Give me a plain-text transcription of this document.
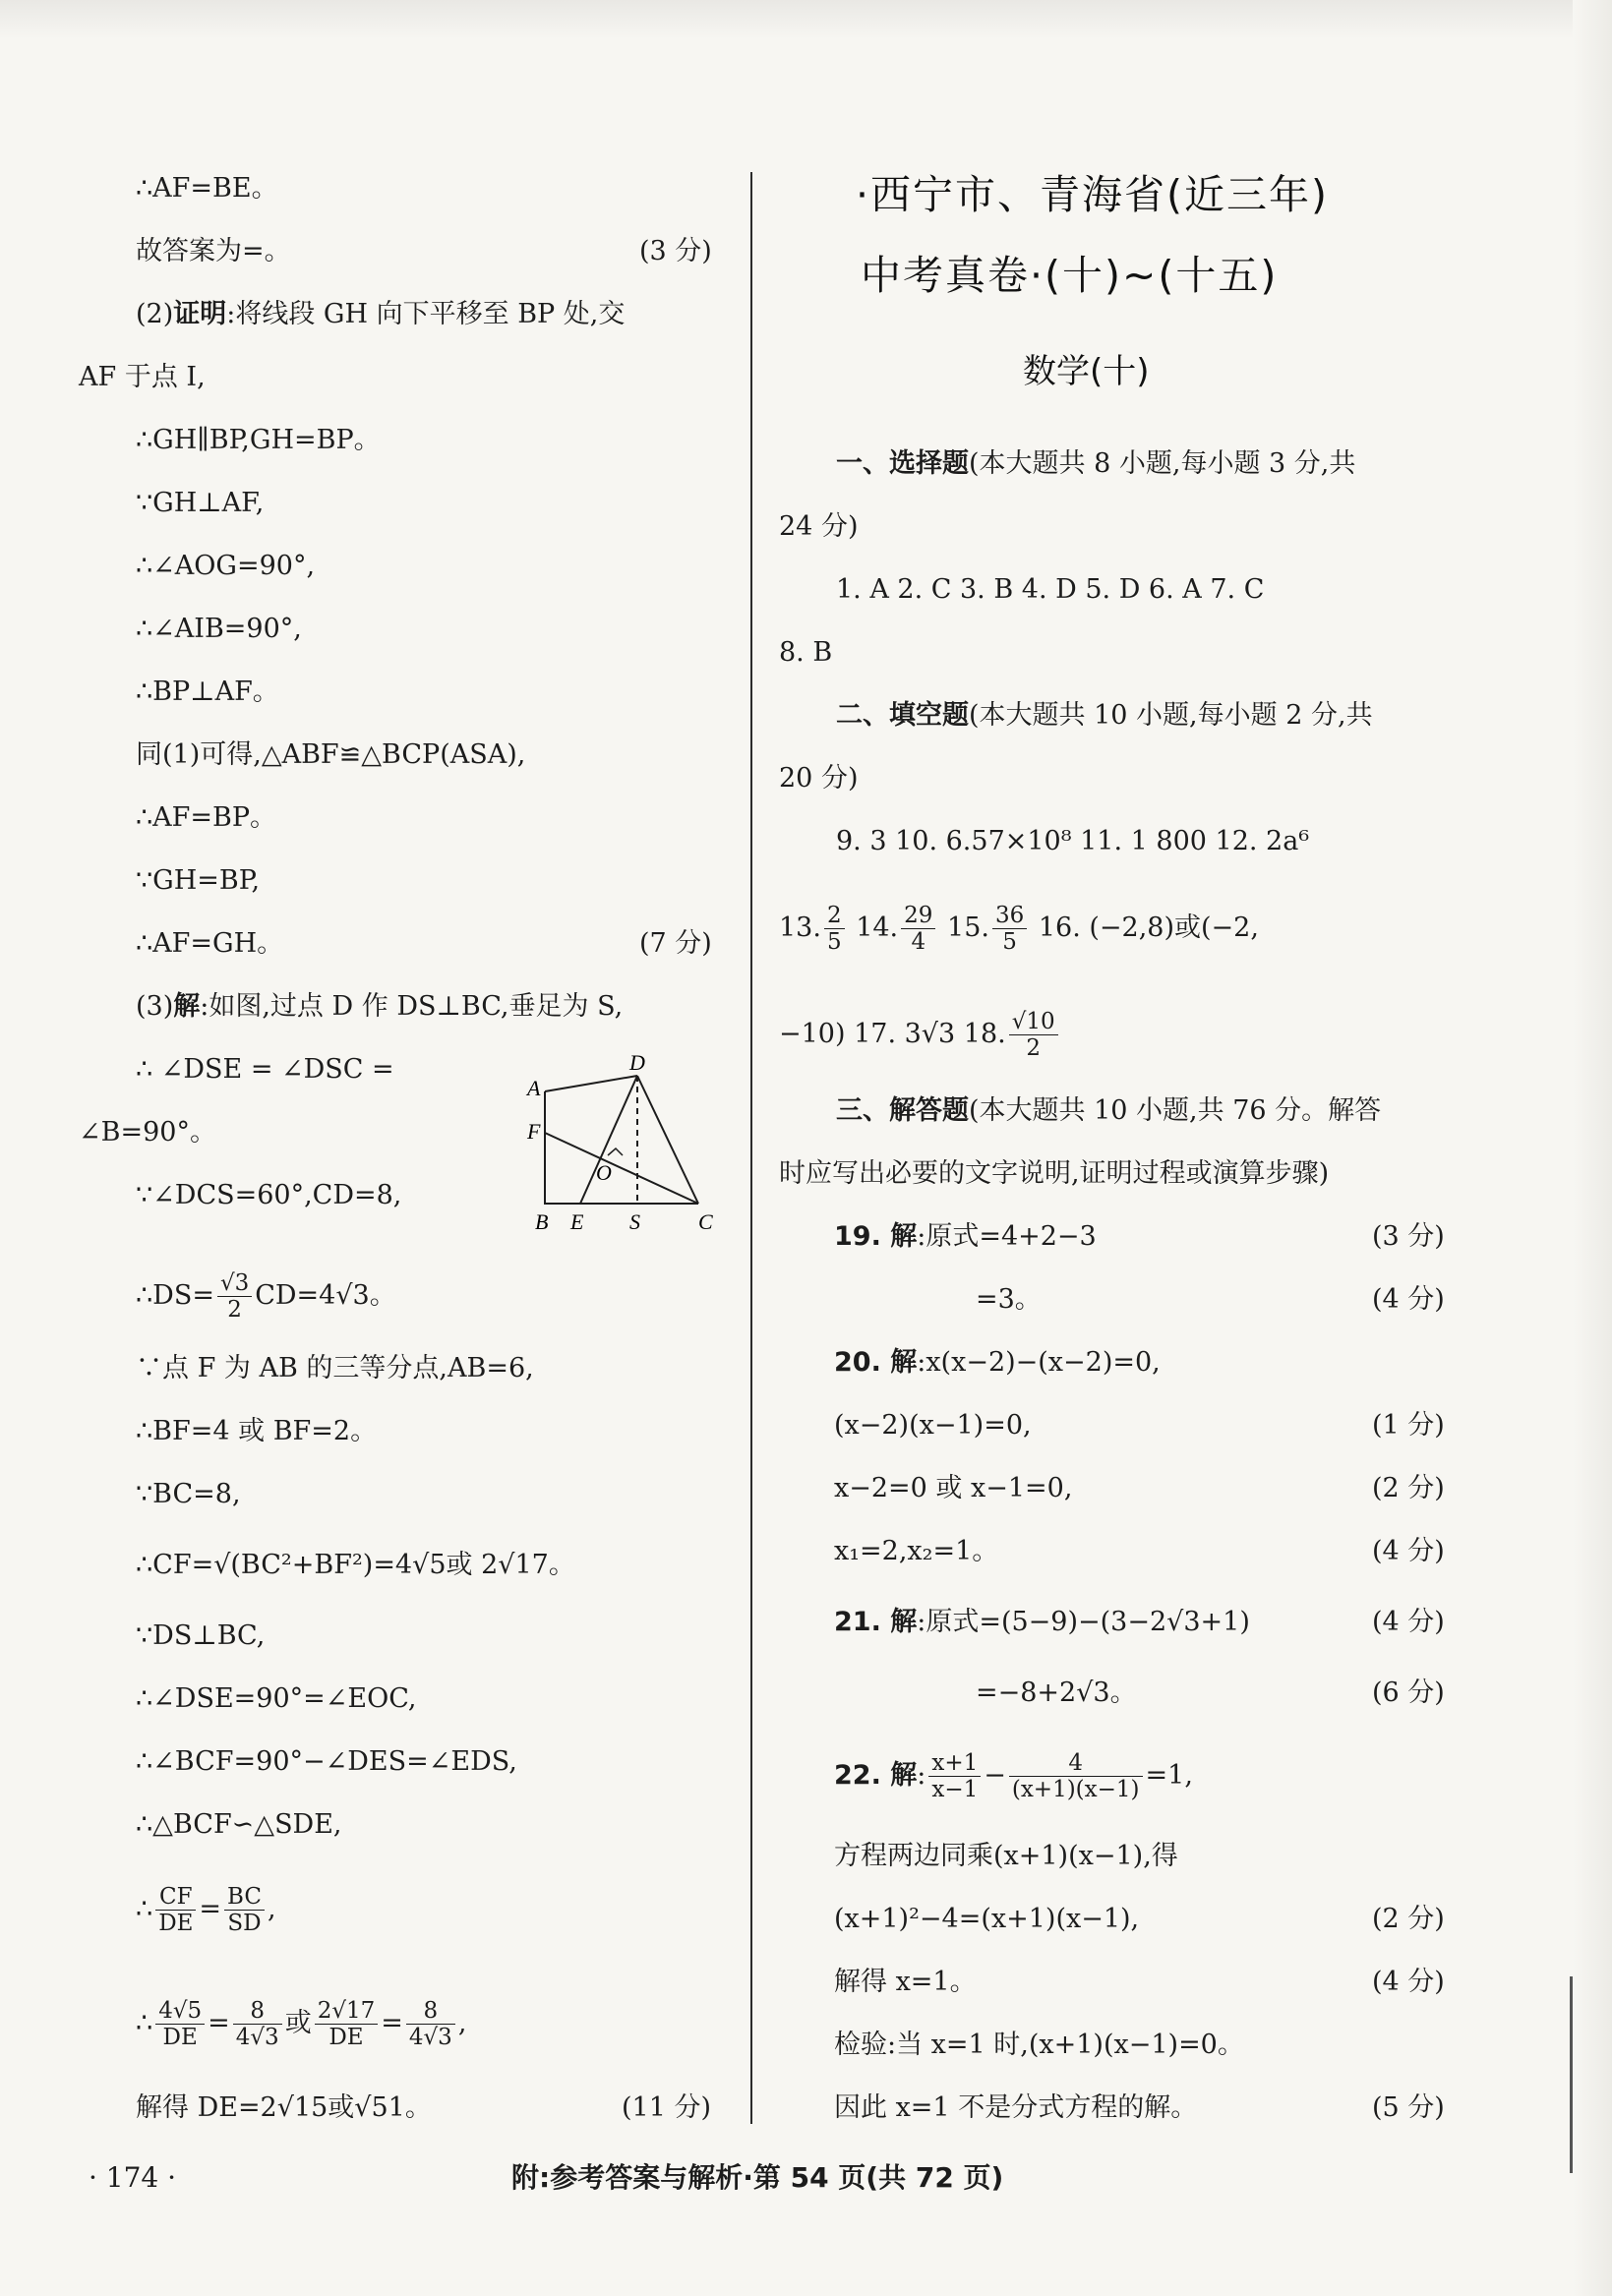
∴AF=BE。
故答案为=。	(3 分)
(2)证明:将线段 GH 向下平移至 BP 处,交
AF 于点 I,
∴GH∥BP,GH=BP。
∵GH⊥AF,
∴∠AOG=90°,
∴∠AIB=90°,
∴BP⊥AF。
同(1)可得,△ABF≌△BCP(ASA),
∴AF=BP。
∵GH=BP,
∴AF=GH。	(7 分)
(3)解:如图,过点 D 作 DS⊥BC,垂足为 S,
∴ ∠DSE = ∠DSC =
∠B=90°。
∵∠DCS=60°,CD=8,
∴DS= $\frac{√3}{2} CD=4√3$。
∵点 F 为 AB 的三等分点,AB=6,
∴BF=4 或 BF=2。
∵BC=8,
∴CF=√(BC²+BF²)=4√5或 2√17。
∵DS⊥BC,
∴∠DSE=90°=∠EOC,
∴∠BCF=90°−∠DES=∠EDS,
∴△BCF∽△SDE,
∴ $\frac{CF}{DE} = \frac{BC}{SD}$ ,
∴ $\frac{4√5}{DE} = \frac{8}{4√3}$ 或 $\frac{2√17}{DE} = \frac{8}{4√3}$ ,
解得 DE=2√15或√51。	(11 分)
A
F
B E S	C
D
O
·西宁市、青海省(近三年)
中考真卷·(十)~(十五)
数学(十)
一、选择题(本大题共 8 小题,每小题 3 分,共
24 分)
1. A 2. C 3. B 4. D 5. D 6. A 7. C
8. B
二、填空题(本大题共 10 小题,每小题 2 分,共
20 分)
9. 3 10. 6.57×10⁸ 11. 1 800 12. 2a⁶
13. $\frac{2}{5} 14$. $\frac{29}{4} 15$. $\frac{36}{5} 16$. (−2,8)或(−2,
−10) 17. 3√3 18. $\frac{√10}{2}$
三、解答题(本大题共 10 小题,共 76 分。解答
时应写出必要的文字说明,证明过程或演算步骤)
19. 解:原式=4+2−3	(3 分)
=3。	(4 分)
20. 解:x(x−2)−(x−2)=0,
(x−2)(x−1)=0,	(1 分)
x−2=0 或 x−1=0,	(2 分)
x₁=2,x₂=1。	(4 分)
21. 解:原式=(5−9)−(3−2√3+1)	(4 分)
=−8+2√3。	(6 分)
22. 解: $\frac{x+1}{x-1} - \frac{4}{(x+1)(x-1)} =1$,
方程两边同乘(x+1)(x−1),得
(x+1)²−4=(x+1)(x−1),	(2 分)
解得 x=1。	(4 分)
检验:当 x=1 时,(x+1)(x−1)=0。
因此 x=1 不是分式方程的解。	(5 分)
· 174 ·	附:参考答案与解析·第 54 页(共 72 页)
